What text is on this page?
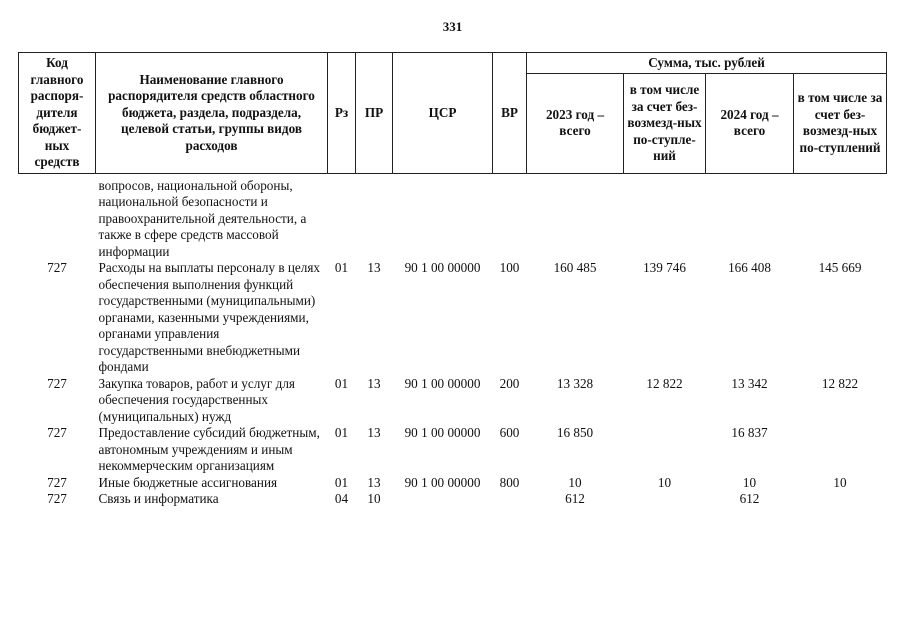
331
Код главного распоря-дителя бюджет-ных средств	Наименование главного распорядителя средств областного бюджета, раздела, подраздела, целевой статьи, группы видов расходов	Рз	ПР	ЦСР	ВР	Сумма, тыс. рублей			
						2023 год – всего	в том числе за счет без-возмезд-ных по-ступле-ний	2024 год – всего	в том числе за счет без-возмезд-ных по-ступлений
	вопросов, национальной обороны, национальной безопасности и правоохранительной деятельности, а также в сфере средств массовой информации								
727	Расходы на выплаты персоналу в целях обеспечения выполнения функций государственными (муниципальными) органами, казенными учреждениями, органами управления государственными внебюджетными фондами	01	13	90 1 00 00000	100	160 485	139 746	166 408	145 669
727	Закупка товаров, работ и услуг для обеспечения государственных (муниципальных) нужд	01	13	90 1 00 00000	200	13 328	12 822	13 342	12 822
727	Предоставление субсидий бюджетным, автономным учреждениям и иным некоммерческим организациям	01	13	90 1 00 00000	600	16 850		16 837	
727	Иные бюджетные ассигнования	01	13	90 1 00 00000	800	10	10	10	10
727	Связь и информатика	04	10			612		612	
